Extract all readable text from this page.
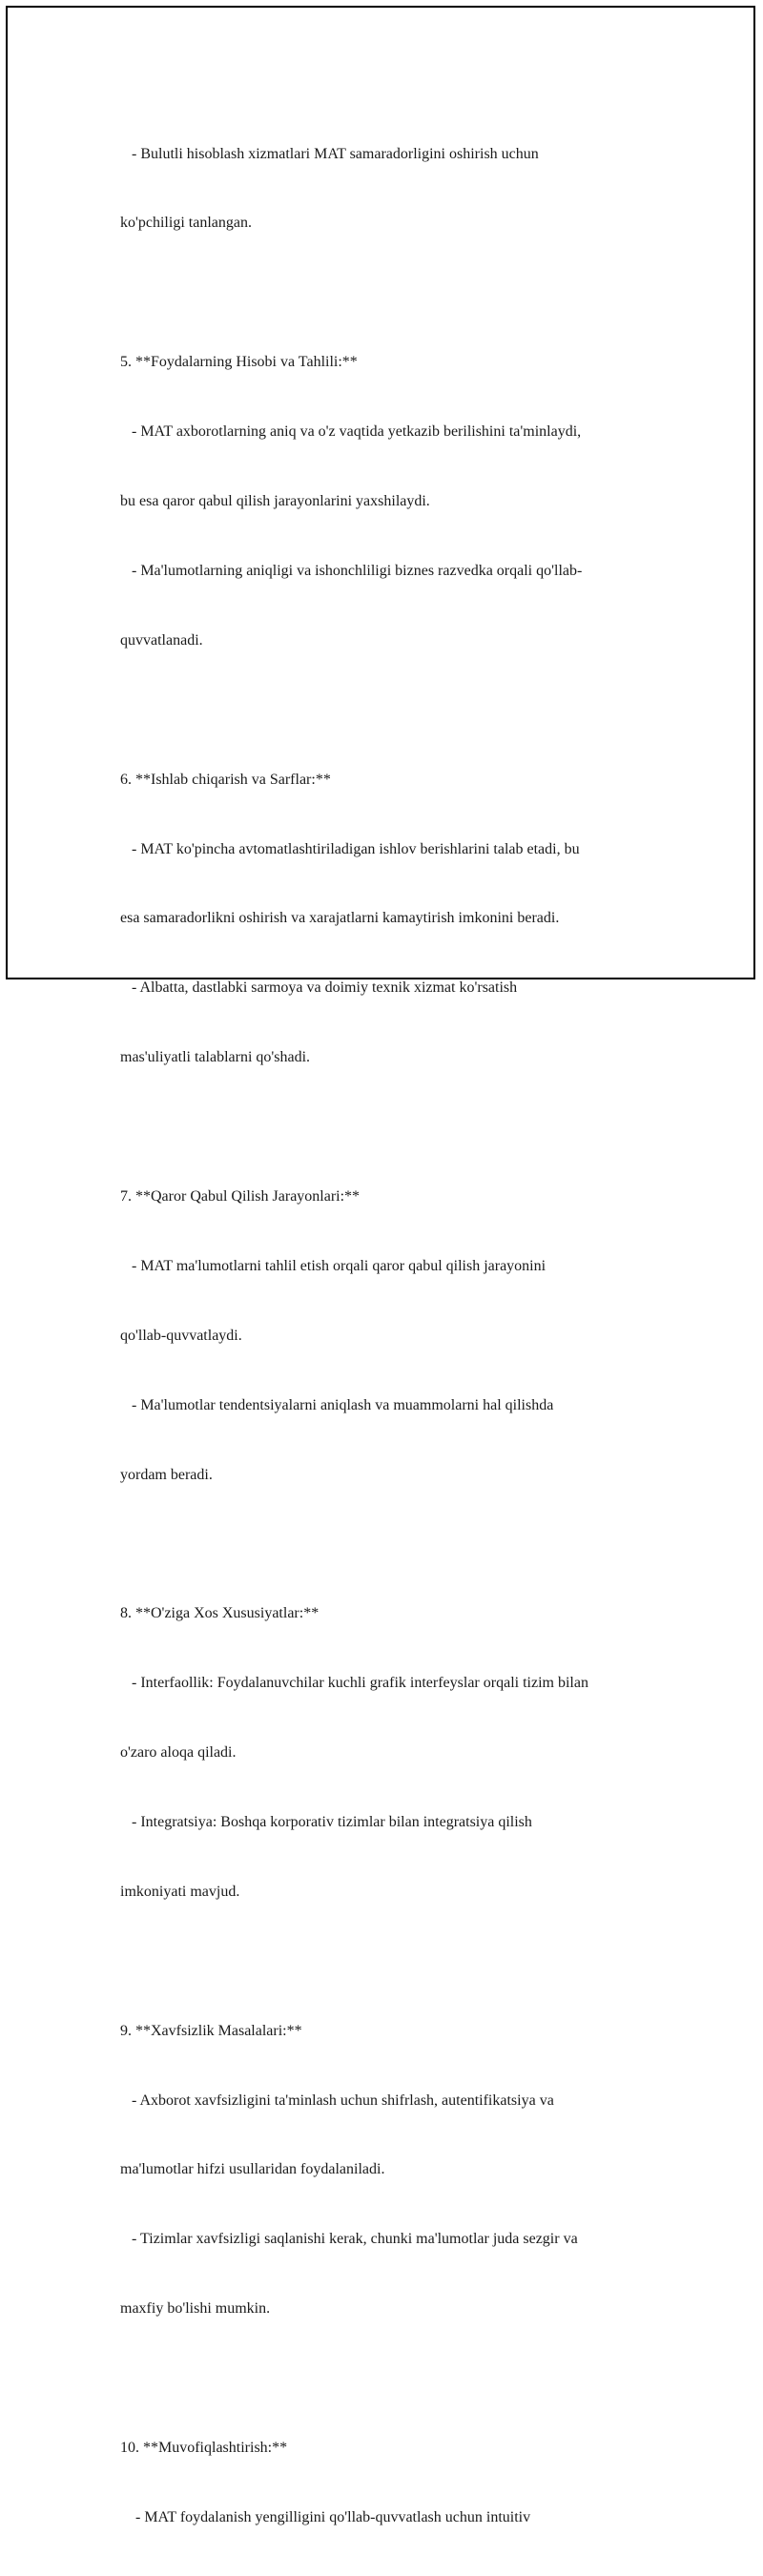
- Bulutli hisoblash xizmatlari MAT samaradorligini oshirish uchun

ko'pchiligi tanlangan.

5. **Foydalarning Hisobi va Tahlili:**

- MAT axborotlarning aniq va o'z vaqtida yetkazib berilishini ta'minlaydi,

bu esa qaror qabul qilish jarayonlarini yaxshilaydi.

- Ma'lumotlarning aniqligi va ishonchliligi biznes razvedka orqali qo'llab-

quvvatlanadi.

6. **Ishlab chiqarish va Sarflar:**

- MAT ko'pincha avtomatlashtiriladigan ishlov berishlarini talab etadi, bu

esa samaradorlikni oshirish va xarajatlarni kamaytirish imkonini beradi.

- Albatta, dastlabki sarmoya va doimiy texnik xizmat ko'rsatish

mas'uliyatli talablarni qo'shadi.

7. **Qaror Qabul Qilish Jarayonlari:**

- MAT ma'lumotlarni tahlil etish orqali qaror qabul qilish jarayonini

qo'llab-quvvatlaydi.

- Ma'lumotlar tendentsiyalarni aniqlash va muammolarni hal qilishda

yordam beradi.

8. **O'ziga Xos Xususiyatlar:**

- Interfaollik: Foydalanuvchilar kuchli grafik interfeyslar orqali tizim bilan

o'zaro aloqa qiladi.

- Integratsiya: Boshqa korporativ tizimlar bilan integratsiya qilish

imkoniyati mavjud.

9. **Xavfsizlik Masalalari:**

- Axborot xavfsizligini ta'minlash uchun shifrlash, autentifikatsiya va

ma'lumotlar hifzi usullaridan foydalaniladi.

- Tizimlar xavfsizligi saqlanishi kerak, chunki ma'lumotlar juda sezgir va

maxfiy bo'lishi mumkin.

10. **Muvofiqlashtirish:**

- MAT foydalanish yengilligini qo'llab-quvvatlash uchun intuitiv
